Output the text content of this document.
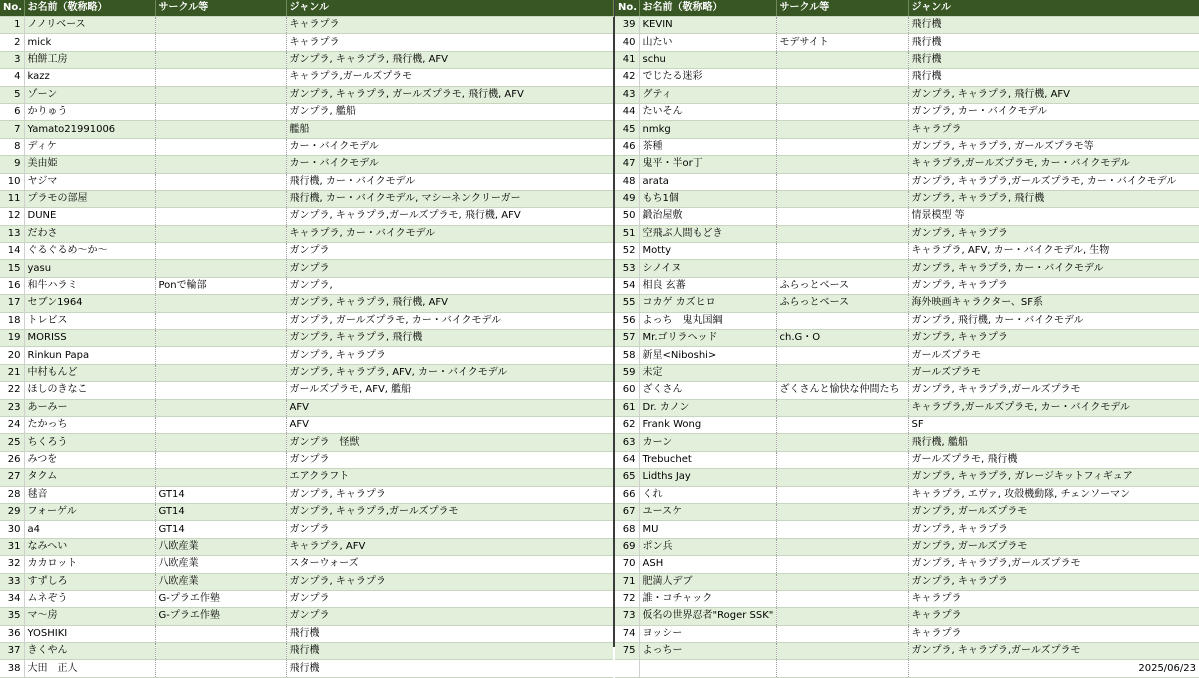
No.	お名前（敬称略）	サークル等	ジャンル
1	ノノリベース		キャラプラ
2	mick		キャラプラ
3	柏餅工房		ガンプラ, キャラプラ, 飛行機, AFV
4	kazz		キャラプラ,ガールズプラモ
5	ゾーン		ガンプラ, キャラプラ, ガールズプラモ, 飛行機, AFV
6	かりゅう		ガンプラ, 艦船
7	Yamato21991006		艦船
8	ディケ		カー・バイクモデル
9	美由姫		カー・バイクモデル
10	ヤジマ		飛行機, カー・バイクモデル
11	プラモの部屋		飛行機, カー・バイクモデル, マシーネンクリーガー
12	DUNE		ガンプラ, キャラプラ,ガールズプラモ, 飛行機, AFV
13	だわさ		キャラプラ, カー・バイクモデル
14	ぐるぐるめ～か～		ガンプラ
15	yasu		ガンプラ
16	和牛ハラミ	Ponで輪部	ガンプラ,
17	セブン1964		ガンプラ, キャラプラ, 飛行機, AFV
18	トレビス		ガンプラ, ガールズプラモ, カー・バイクモデル
19	MORISS		ガンプラ, キャラプラ, 飛行機
20	Rinkun Papa		ガンプラ, キャラプラ
21	中村もんど		ガンプラ, キャラプラ, AFV, カー・バイクモデル
22	ほしのきなこ		ガールズプラモ, AFV, 艦船
23	あーみー		AFV
24	たかっち		AFV
25	ちくろう		ガンプラ　怪獣
26	みつを		ガンプラ
27	タクム		エアクラフト
28	毬音	GT14	ガンプラ, キャラプラ
29	フォーゲル	GT14	ガンプラ, キャラプラ,ガールズプラモ
30	a4	GT14	ガンプラ
31	なみへい	八欧産業	キャラプラ, AFV
32	カカロット	八欧産業	スターウォーズ
33	すずしろ	八欧産業	ガンプラ, キャラプラ
34	ムネぞう	G-プラエ作塾	ガンプラ
35	マ～房	G-プラエ作塾	ガンプラ
36	YOSHIKI		飛行機
37	きくやん		飛行機
38	大田　正人		飛行機
No.	お名前（敬称略）	サークル等	ジャンル
39	KEVIN		飛行機
40	山たい	モデサイト	飛行機
41	schu		飛行機
42	でじたる迷彩		飛行機
43	グティ		ガンプラ, キャラプラ, 飛行機, AFV
44	たいそん		ガンプラ, カー・バイクモデル
45	nmkg		キャラプラ
46	茶種		ガンプラ, キャラプラ, ガールズプラモ等
47	鬼平・半or丁		キャラプラ,ガールズプラモ, カー・バイクモデル
48	arata		ガンプラ, キャラプラ,ガールズプラモ, カー・バイクモデル
49	もち1個		ガンプラ, キャラプラ, 飛行機
50	鍛治屋敷		情景模型 等
51	空飛ぶ人間もどき		ガンプラ, キャラプラ
52	Motty		キャラプラ, AFV, カー・バイクモデル, 生物
53	シノイヌ		ガンプラ, キャラプラ, カー・バイクモデル
54	相良 玄蕃	ふらっとベース	ガンプラ, キャラプラ
55	コカゲ カズヒロ	ふらっとベース	海外映画キャラクター、SF系
56	よっち　鬼丸国綱		ガンプラ, 飛行機, カー・バイクモデル
57	Mr.ゴリラヘッド	ch.G・O	ガンプラ, キャラプラ
58	新星<Niboshi>		ガールズプラモ
59	未定		ガールズプラモ
60	ざくさん	ざくさんと愉快な仲間たち	ガンプラ, キャラプラ,ガールズプラモ
61	Dr. カノン		キャラプラ,ガールズプラモ, カー・バイクモデル
62	Frank Wong		SF
63	カーン		飛行機, 艦船
64	Trebuchet		ガールズプラモ, 飛行機
65	Lidths Jay		ガンプラ, キャラプラ, ガレージキットフィギュア
66	くれ		キャラプラ, エヴァ, 攻殻機動隊, チェンソーマン
67	ユースケ		ガンプラ, ガールズプラモ
68	MU		ガンプラ, キャラプラ
69	ポン兵		ガンプラ, ガールズプラモ
70	ASH		ガンプラ, キャラプラ,ガールズプラモ
71	肥満人デブ		ガンプラ, キャラプラ
72	誰・コチャック		キャラプラ
73	仮名の世界忍者"Roger SSK"		キャラプラ
74	ヨッシー		キャラプラ
75	よっちー		ガンプラ, キャラプラ,ガールズプラモ
			2025/06/23
